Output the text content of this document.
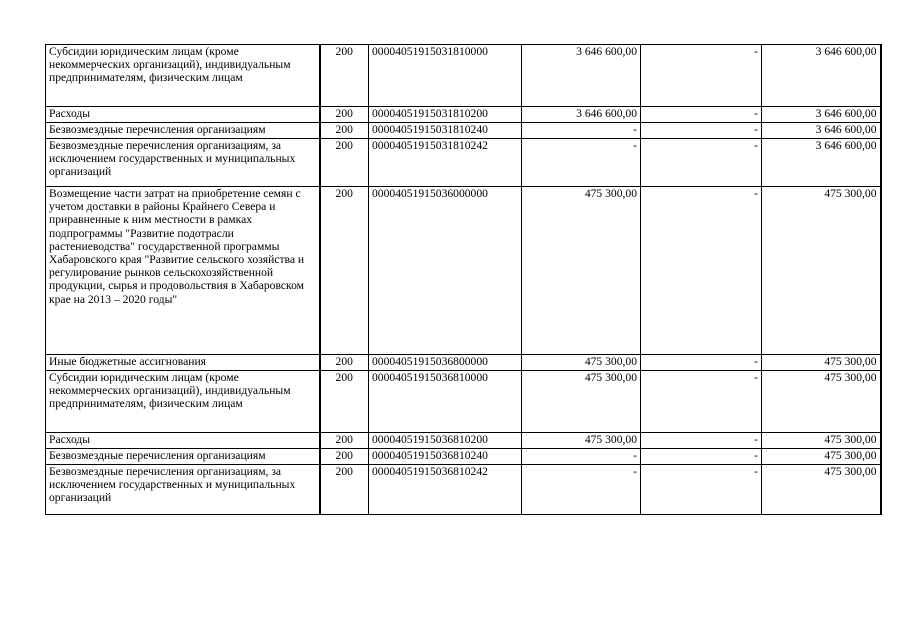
Субсидии юридическим лицам (кроме некоммерческих организаций), индивидуальным предпринимателям, физическим лицам	200	00004051915031810000	3 646 600,00	-	3 646 600,00
Расходы	200	00004051915031810200	3 646 600,00	-	3 646 600,00
Безвозмездные перечисления организациям	200	00004051915031810240	-	-	3 646 600,00
Безвозмездные перечисления организациям, за исключением государственных и муниципальных организаций	200	00004051915031810242	-	-	3 646 600,00
Возмещение части затрат на приобретение семян с учетом доставки в районы Крайнего Севера и приравненные к ним местности в рамках подпрограммы "Развитие подотрасли растениеводства" государственной программы Хабаровского края "Развитие сельского хозяйства и регулирование рынков сельскохозяйственной продукции, сырья и продовольствия в Хабаровском крае на 2013 – 2020 годы"	200	00004051915036000000	475 300,00	-	475 300,00
Иные бюджетные ассигнования	200	00004051915036800000	475 300,00	-	475 300,00
Субсидии юридическим лицам (кроме некоммерческих организаций), индивидуальным предпринимателям, физическим лицам	200	00004051915036810000	475 300,00	-	475 300,00
Расходы	200	00004051915036810200	475 300,00	-	475 300,00
Безвозмездные перечисления организациям	200	00004051915036810240	-	-	475 300,00
Безвозмездные перечисления организациям, за исключением государственных и муниципальных организаций	200	00004051915036810242	-	-	475 300,00
